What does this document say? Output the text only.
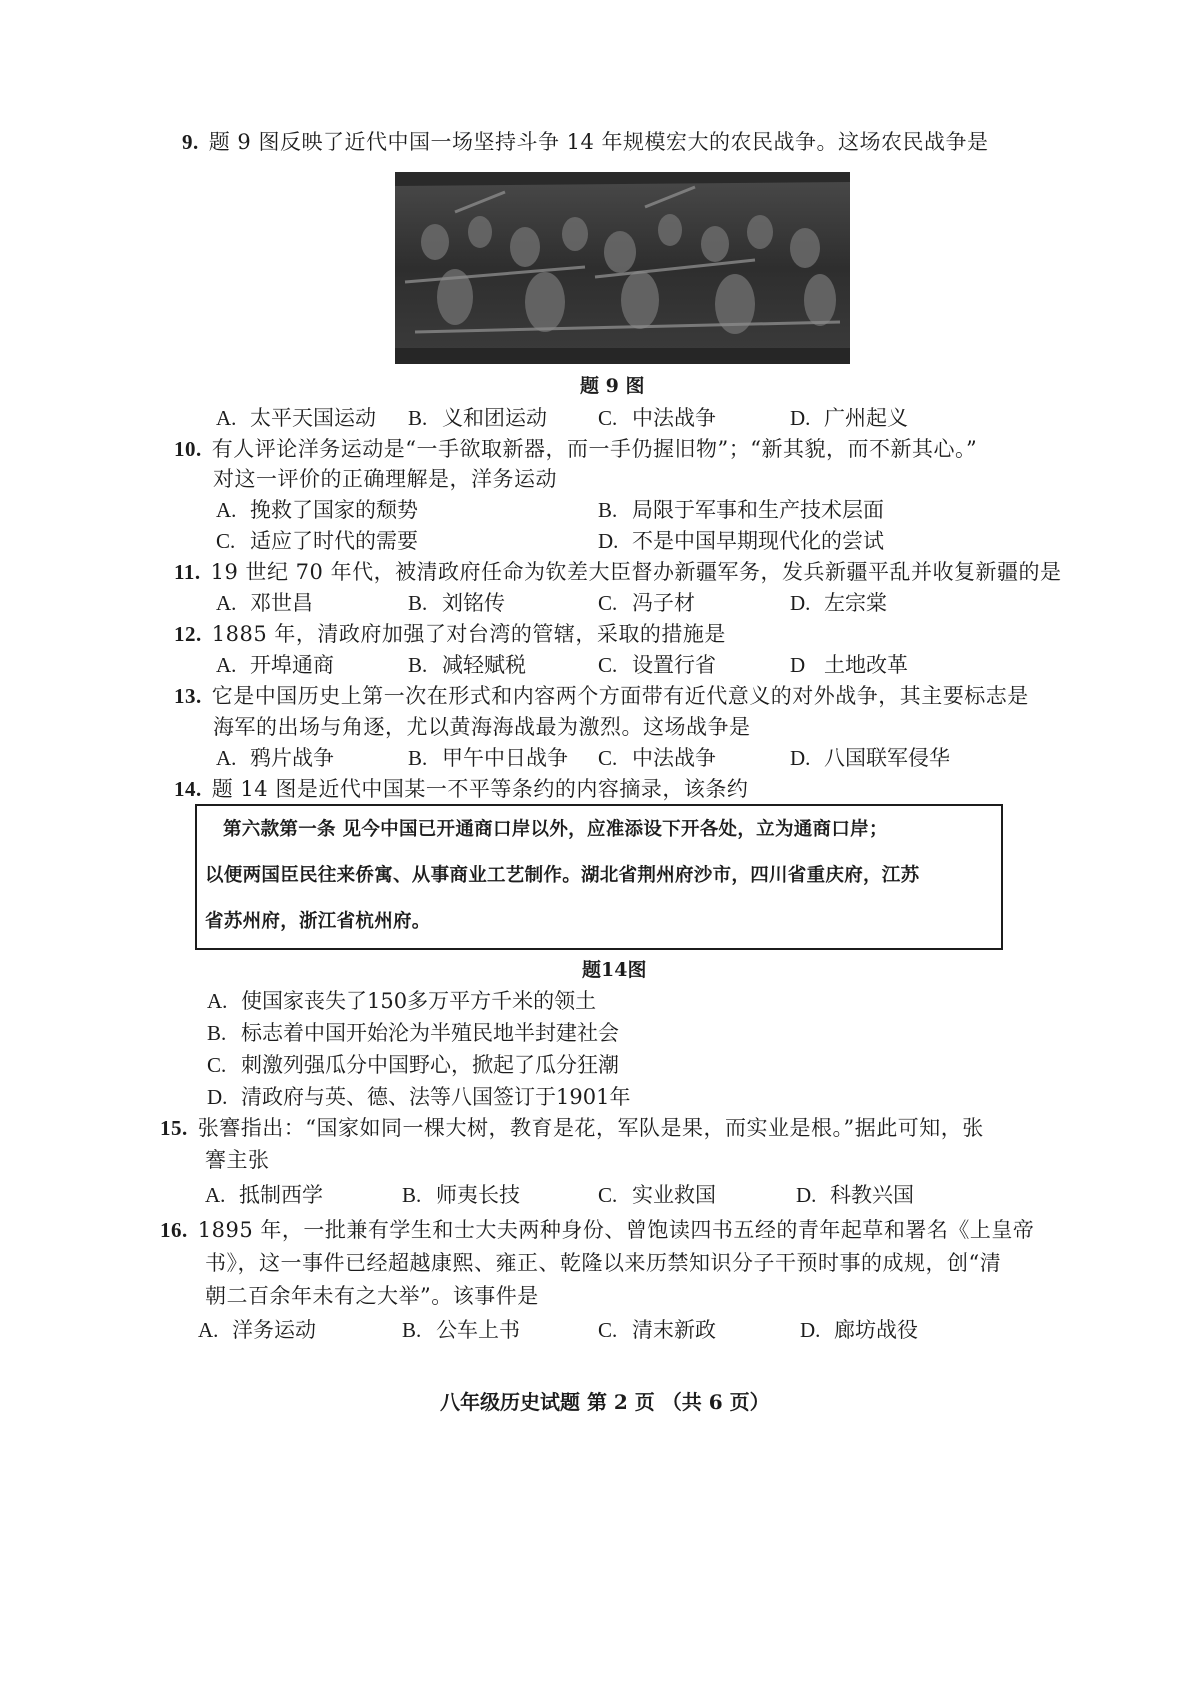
9. 题 9 图反映了近代中国一场坚持斗争 14 年规模宏大的农民战争。这场农民战争是
题 9 图
A. 太平天国运动 B. 义和团运动 C. 中法战争	D. 广州起义
10. 有人评论洋务运动是“一手欲取新器，而一手仍握旧物”；“新其貌，而不新其心。”
对这一评价的正确理解是，洋务运动
A. 挽救了国家的颓势	B. 局限于军事和生产技术层面
C. 适应了时代的需要	D. 不是中国早期现代化的尝试
11. 19 世纪 70 年代，被清政府任命为钦差大臣督办新疆军务，发兵新疆平乱并收复新疆的是
A. 邓世昌	B. 刘铭传	C. 冯子材	D. 左宗棠
12. 1885 年，清政府加强了对台湾的管辖，采取的措施是
A. 开埠通商	B. 减轻赋税	C. 设置行省	D 土地改革
13. 它是中国历史上第一次在形式和内容两个方面带有近代意义的对外战争，其主要标志是
海军的出场与角逐，尤以黄海海战最为激烈。这场战争是
A. 鸦片战争	B. 甲午中日战争 C. 中法战争	D. 八国联军侵华
14. 题 14 图是近代中国某一不平等条约的内容摘录，该条约
第六款第一条 见今中国已开通商口岸以外，应准添设下开各处，立为通商口岸；
以便两国臣民往来侨寓、从事商业工艺制作。湖北省荆州府沙市，四川省重庆府，江苏
省苏州府，浙江省杭州府。
题14图
A. 使国家丧失了150多万平方千米的领土
B. 标志着中国开始沦为半殖民地半封建社会
C. 刺激列强瓜分中国野心，掀起了瓜分狂潮
D. 清政府与英、德、法等八国签订于1901年
15. 张謇指出：“国家如同一棵大树，教育是花，军队是果，而实业是根。”据此可知，张
謇主张
A. 抵制西学	B. 师夷长技	C. 实业救国	D. 科教兴国
16. 1895 年，一批兼有学生和士大夫两种身份、曾饱读四书五经的青年起草和署名《上皇帝
书》，这一事件已经超越康熙、雍正、乾隆以来历禁知识分子干预时事的成规，创“清
朝二百余年未有之大举”。该事件是
A. 洋务运动	B. 公车上书	C. 清末新政	D. 廊坊战役
八年级历史试题 第 2 页 （共 6 页）
